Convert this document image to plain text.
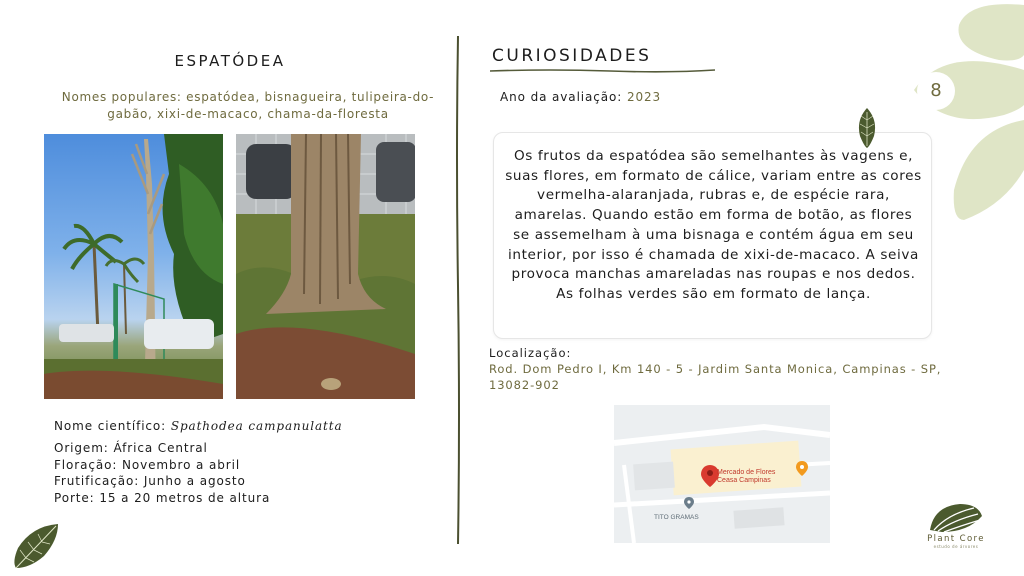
ESPATÓDEA
Nomes populares: espatódea, bisnagueira, tulipeira-do-gabão, xixi-de-macaco, chama-da-floresta
Nome científico: Spathodea campanulatta
Origem: África Central
Floração: Novembro a abril
Frutificação: Junho a agosto
Porte: 15 a 20 metros de altura
CURIOSIDADES
Ano da avaliação: 2023
Os frutos da espatódea são semelhantes às vagens e, suas flores, em formato de cálice, variam entre as cores vermelha-alaranjada, rubras e, de espécie rara, amarelas. Quando estão em forma de botão, as flores se assemelham à uma bisnaga e contém água em seu interior, por isso é chamada de xixi-de-macaco. A seiva provoca manchas amareladas nas roupas e nos dedos. As folhas verdes são em formato de lança.
Localização:
Rod. Dom Pedro I, Km 140 - 5 - Jardim Santa Monica, Campinas - SP, 13082-902
Mercado de Flores
Ceasa Campinas
TITO GRAMAS
8
Plant Core
estudo de árvores
